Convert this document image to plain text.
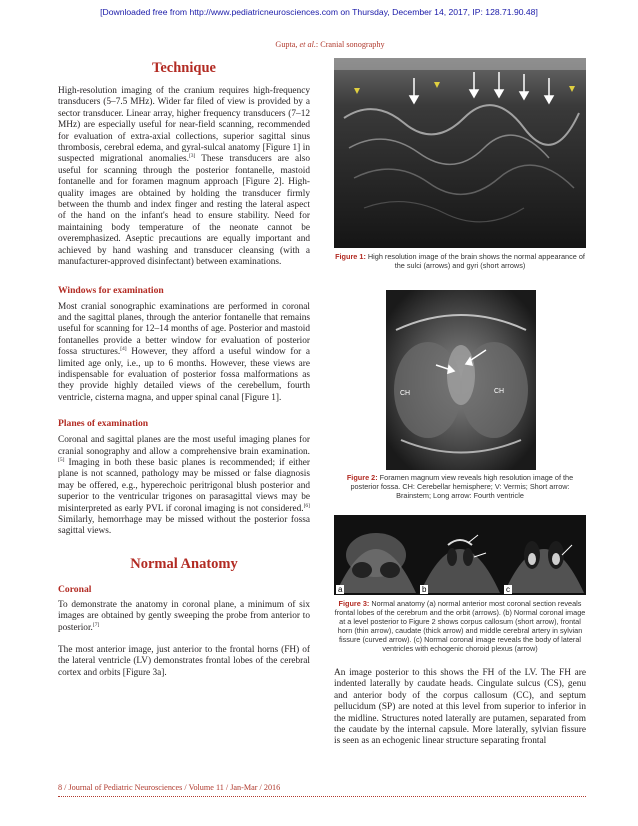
[Downloaded free from http://www.pediatricneurosciences.com on Thursday, December 14, 2017, IP: 128.71.90.48]
Gupta, et al.: Cranial sonography
Technique

High-resolution imaging of the cranium requires high-frequency transducers (5–7.5 MHz). Wider far filed of view is provided by a sector transducer. Linear array, higher frequency transducers (7–12 MHz) are especially useful for near-field scanning, recommended for evaluation of extra-axial collections, superior sagittal sinus thrombosis, cerebral edema, and gyral-sulcal anatomy [Figure 1] in suspected migrational anomalies.[3] These transducers are also useful for scanning through the posterior fontanelle, mastoid fontanelle and for foramen magnum approach [Figure 2]. High-quality images are obtained by holding the transducer firmly between the thumb and index finger and resting the lateral aspect of the hand on the infant's head to ensure stability. Need for maintaining body temperature of the neonate cannot be overemphasized. Aseptic precautions are equally important and achieved by hand washing and transducer cleansing (with a manufacturer-approved disinfectant) between examinations.

Windows for examination

Most cranial sonographic examinations are performed in coronal and the sagittal planes, through the anterior fontanelle that remains useful for scanning for 12–14 months of age. Posterior and mastoid fontanelles provide a better window for evaluation of posterior fossa structures.[4] However, they afford a useful window for a limited age only, i.e., up to 6 months. However, these views are indispensable for evaluation of posterior fossa malformations as they provide highly detailed views of the cerebellum, fourth ventricle, cisterna magna, and upper spinal canal [Figure 1].

Planes of examination

Coronal and sagittal planes are the most useful imaging planes for cranial sonography and allow a comprehensive brain examination.[5] Imaging in both these basic planes is recommended; if either plane is not scanned, pathology may be missed or false diagnosis may be offered, e.g., hyperechoic peritrigonal blush posterior and superior to the ventricular trigones on parasagittal views may be misinterpreted as early PVL if coronal imaging is not considered.[6] Similarly, hemorrhage may be missed without the posterior fossa sagittal views.

Normal Anatomy
Coronal

To demonstrate the anatomy in coronal plane, a minimum of six images are obtained by gently sweeping the probe from anterior to posterior.[7]

The most anterior image, just anterior to the frontal horns (FH) of the lateral ventricle (LV) demonstrates frontal lobes of the cerebral cortex and orbits [Figure 3a].

Figure 1: High resolution image of the brain shows the normal appearance of the sulci (arrows) and gyri (short arrows)
CH	CH
Figure 2: Foramen magnum view reveals high resolution image of the posterior fossa. CH: Cerebellar hemisphere; V: Vermis; Short arrow: Brainstem; Long arrow: Fourth ventricle
a	b	c
Figure 3: Normal anatomy (a) normal anterior most coronal section reveals frontal lobes of the cerebrum and the orbit (arrows). (b) Normal coronal image at a level posterior to Figure 2 shows corpus callosum (short arrow), frontal horn (thin arrow), caudate (thick arrow) and middle cerebral artery in sylvian fissure (curved arrow). (c) Normal coronal image reveals the body of lateral ventricles with echogenic choroid plexus (arrow)

An image posterior to this shows the FH of the LV. The FH are indented laterally by caudate heads. Cingulate sulcus (CS), genu and anterior body of the corpus callosum (CC), and septum pellucidum (SP) are noted at this level from superior to inferior in the midline. Structures noted laterally are putamen, separated from the caudate by the internal capsule. More laterally, sylvian fissure is seen as an echogenic linear structure separating frontal

8 / Journal of Pediatric Neurosciences / Volume 11 / Jan-Mar / 2016
